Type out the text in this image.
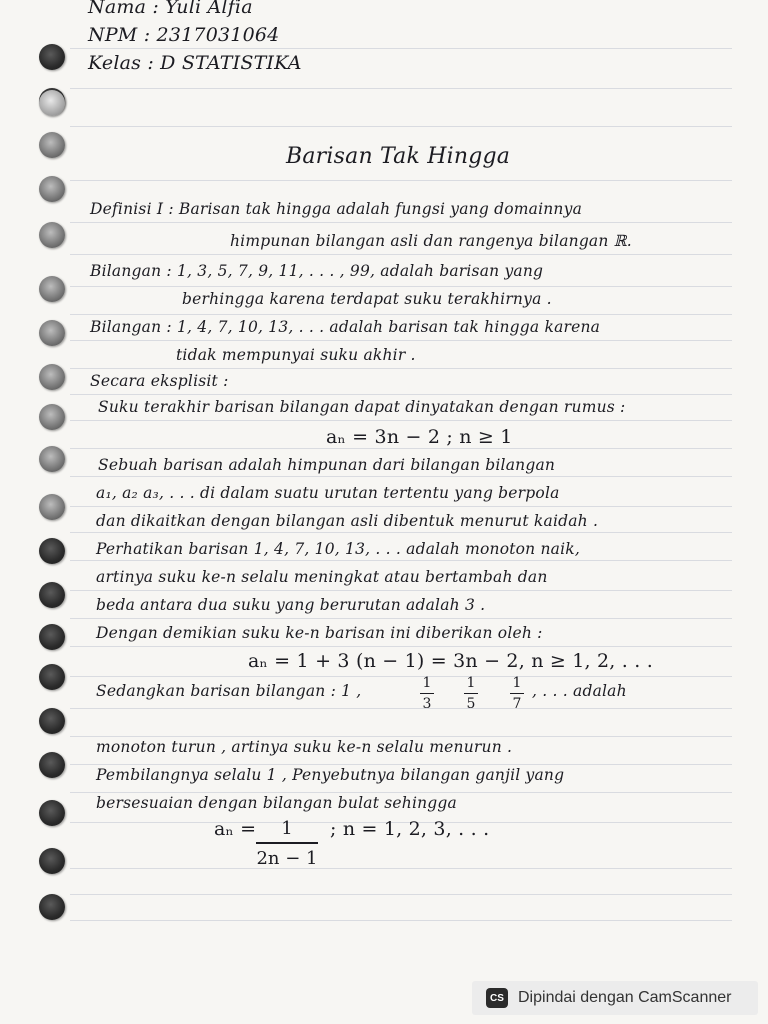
Nama : Yuli Alfia
NPM : 2317031064
Kelas : D STATISTIKA
Barisan Tak Hingga
Definisi I : Barisan tak hingga adalah fungsi yang domainnya
himpunan bilangan asli dan rangenya bilangan ℝ.
Bilangan : 1, 3, 5, 7, 9, 11, . . . , 99, adalah barisan yang
berhingga karena terdapat suku terakhirnya .
Bilangan : 1, 4, 7, 10, 13, . . . adalah barisan tak hingga karena
tidak mempunyai suku akhir .
Secara eksplisit :
Suku terakhir barisan bilangan dapat dinyatakan dengan rumus :
aₙ = 3n − 2 ; n ≥ 1
Sebuah barisan adalah himpunan dari bilangan bilangan
a₁, a₂ a₃, . . . di dalam suatu urutan tertentu yang berpola
dan dikaitkan dengan bilangan asli dibentuk menurut kaidah .
Perhatikan barisan 1, 4, 7, 10, 13, . . . adalah monoton naik,
artinya suku ke-n selalu meningkat atau bertambah dan
beda antara dua suku yang berurutan adalah 3 .
Dengan demikian suku ke-n barisan ini diberikan oleh :
aₙ = 1 + 3 (n − 1) = 3n − 2, n ≥ 1, 2, . . .
Sedangkan barisan bilangan : 1 ,	1
3
1
5
1
7
, . . . adalah
monoton turun , artinya suku ke-n selalu menurun .
Pembilangnya selalu 1 , Penyebutnya bilangan ganjil yang
bersesuaian dengan bilangan bulat sehingga
aₙ = 1
2n − 1
; n = 1, 2, 3, . . .
CS Dipindai dengan CamScanner
